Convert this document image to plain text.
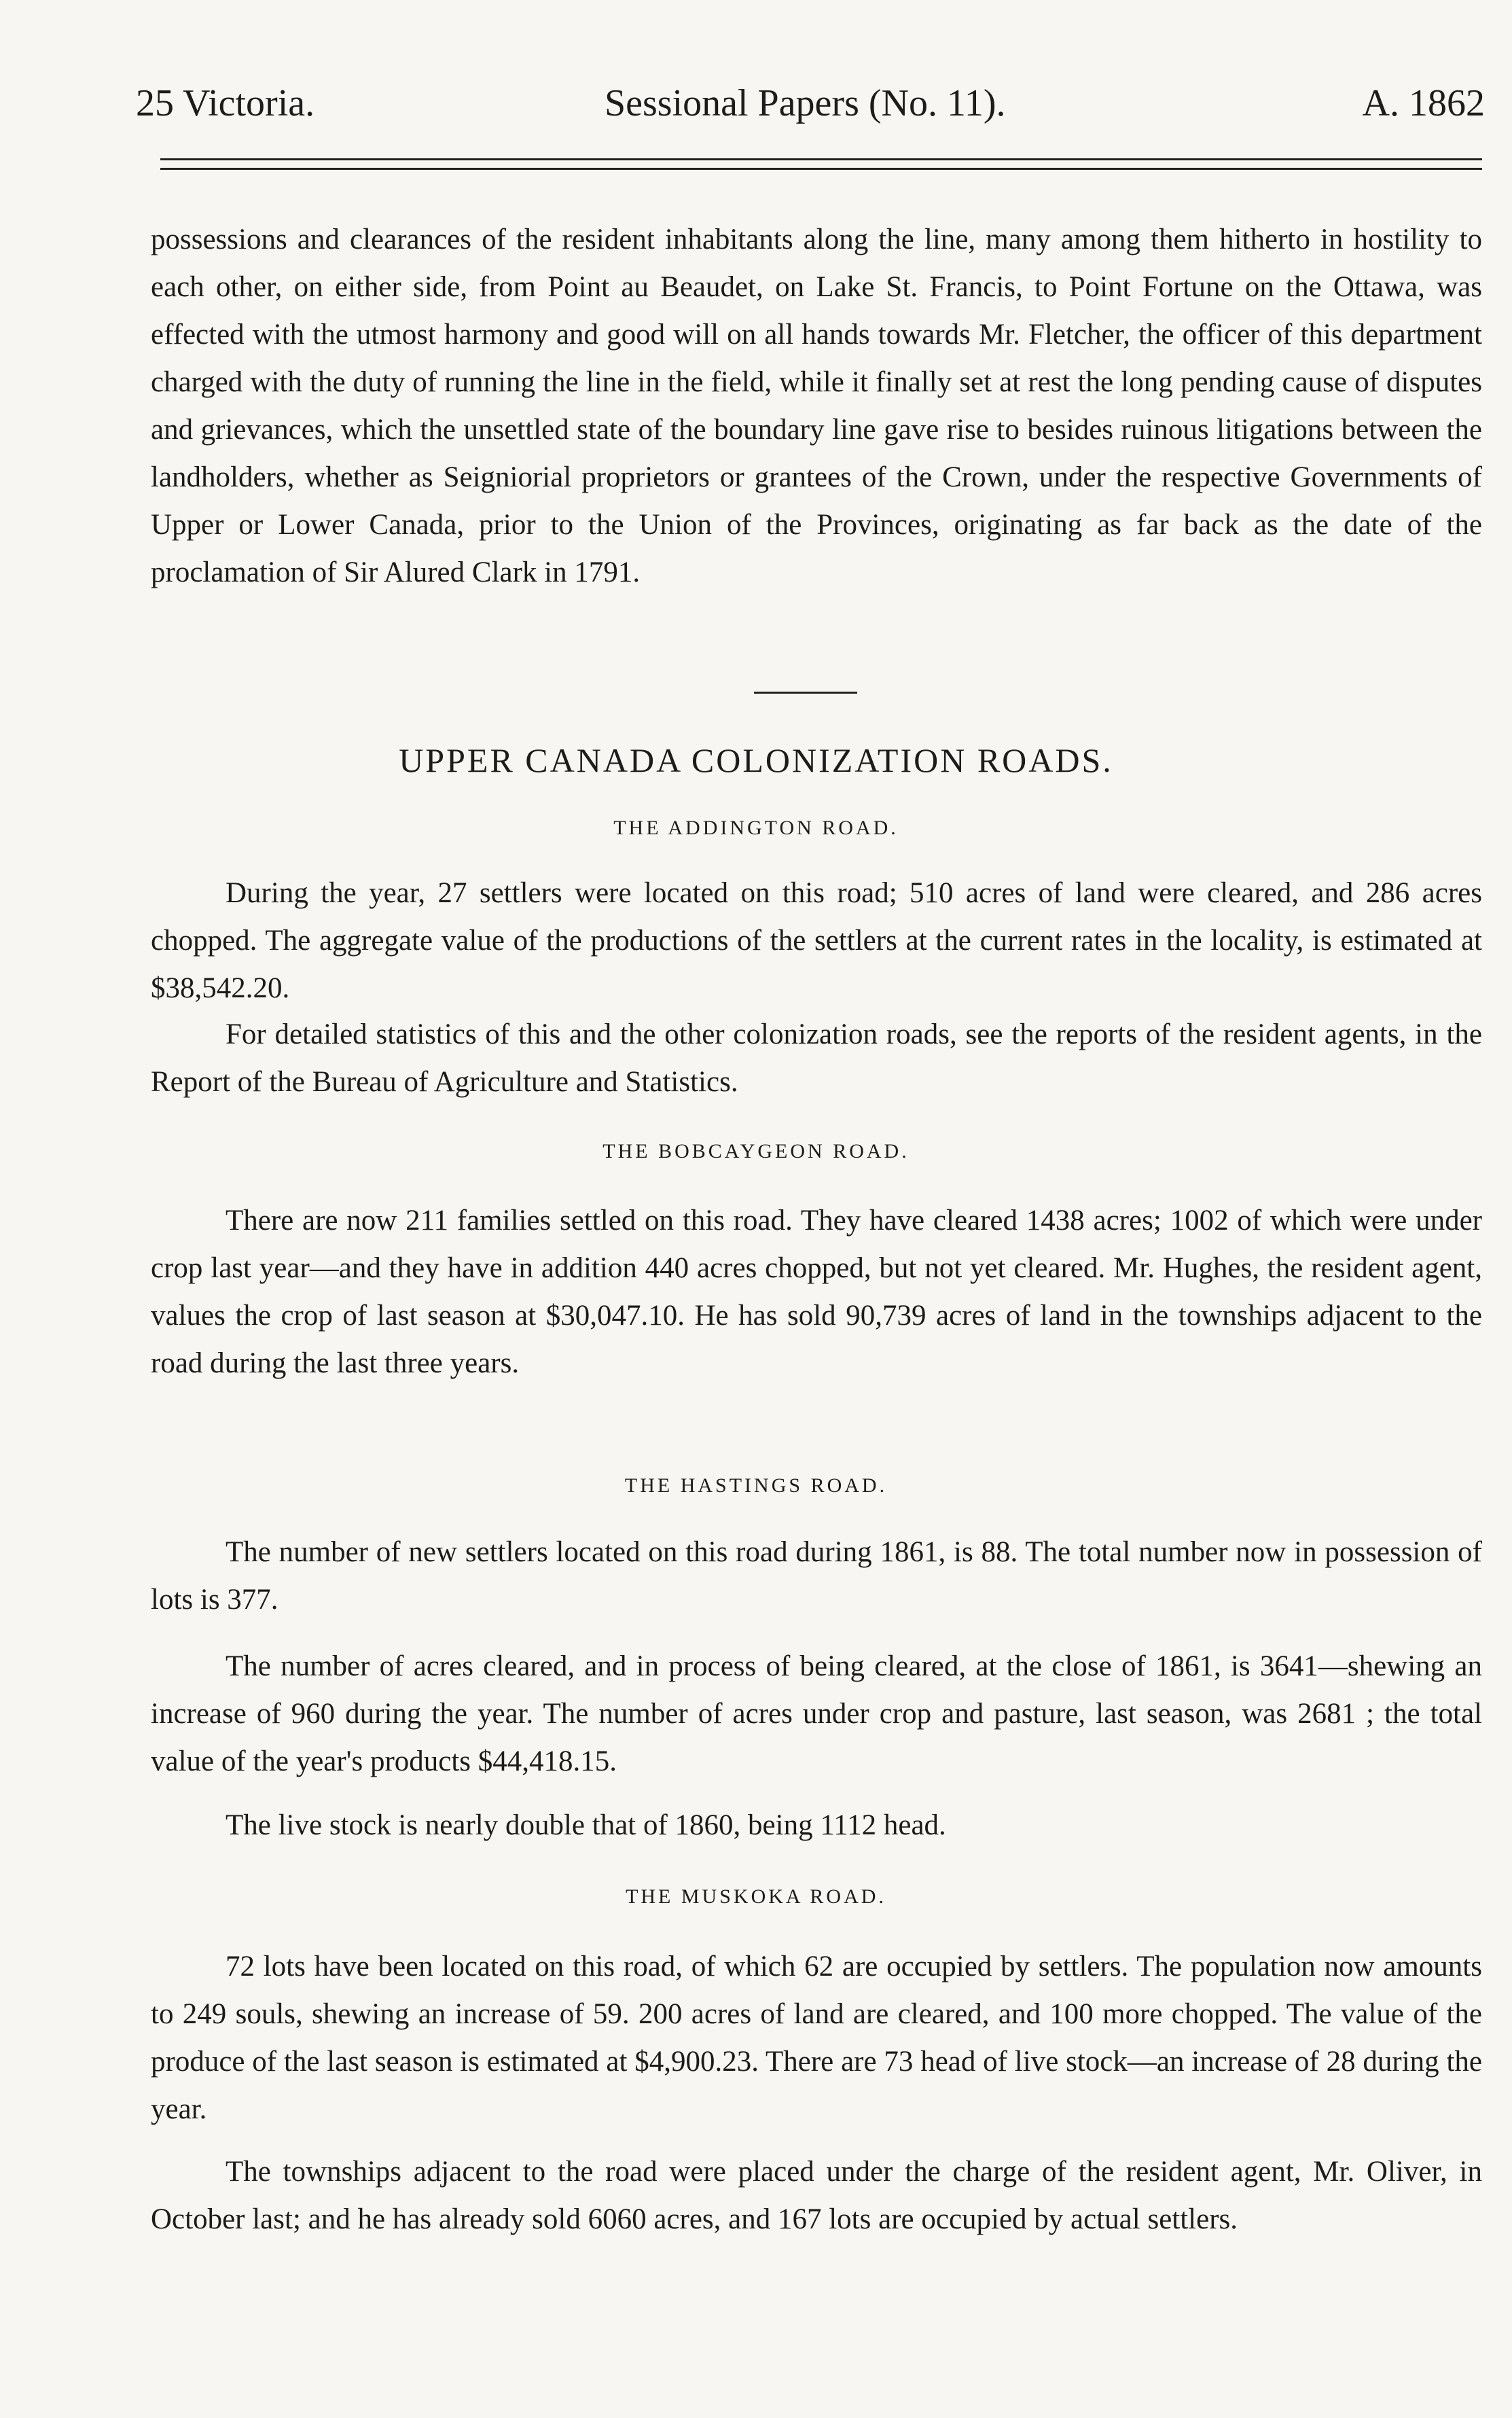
25 Victoria.	Sessional Papers (No. 11).	A. 1862

possessions and clearances of the resident inhabitants along the line, many among them hitherto in hostility to each other, on either side, from Point au Beaudet, on Lake St. Francis, to Point Fortune on the Ottawa, was effected with the utmost harmony and good will on all hands towards Mr. Fletcher, the officer of this department charged with the duty of running the line in the field, while it finally set at rest the long pending cause of disputes and grievances, which the unsettled state of the boundary line gave rise to besides ruinous litigations between the landholders, whether as Seigniorial proprietors or grantees of the Crown, under the respective Governments of Upper or Lower Canada, prior to the Union of the Provinces, originating as far back as the date of the proclamation of Sir Alured Clark in 1791.

UPPER CANADA COLONIZATION ROADS.
THE ADDINGTON ROAD.

During the year, 27 settlers were located on this road; 510 acres of land were cleared, and 286 acres chopped. The aggregate value of the productions of the settlers at the current rates in the locality, is estimated at $38,542.20.

For detailed statistics of this and the other colonization roads, see the reports of the resident agents, in the Report of the Bureau of Agriculture and Statistics.

THE BOBCAYGEON ROAD.

There are now 211 families settled on this road. They have cleared 1438 acres; 1002 of which were under crop last year—and they have in addition 440 acres chopped, but not yet cleared. Mr. Hughes, the resident agent, values the crop of last season at $30,047.10. He has sold 90,739 acres of land in the townships adjacent to the road during the last three years.

THE HASTINGS ROAD.

The number of new settlers located on this road during 1861, is 88. The total number now in possession of lots is 377.

The number of acres cleared, and in process of being cleared, at the close of 1861, is 3641—shewing an increase of 960 during the year. The number of acres under crop and pasture, last season, was 2681 ; the total value of the year's products $44,418.15.

The live stock is nearly double that of 1860, being 1112 head.

THE MUSKOKA ROAD.

72 lots have been located on this road, of which 62 are occupied by settlers. The population now amounts to 249 souls, shewing an increase of 59. 200 acres of land are cleared, and 100 more chopped. The value of the produce of the last season is estimated at $4,900.23. There are 73 head of live stock—an increase of 28 during the year.

The townships adjacent to the road were placed under the charge of the resident agent, Mr. Oliver, in October last; and he has already sold 6060 acres, and 167 lots are occupied by actual settlers.
